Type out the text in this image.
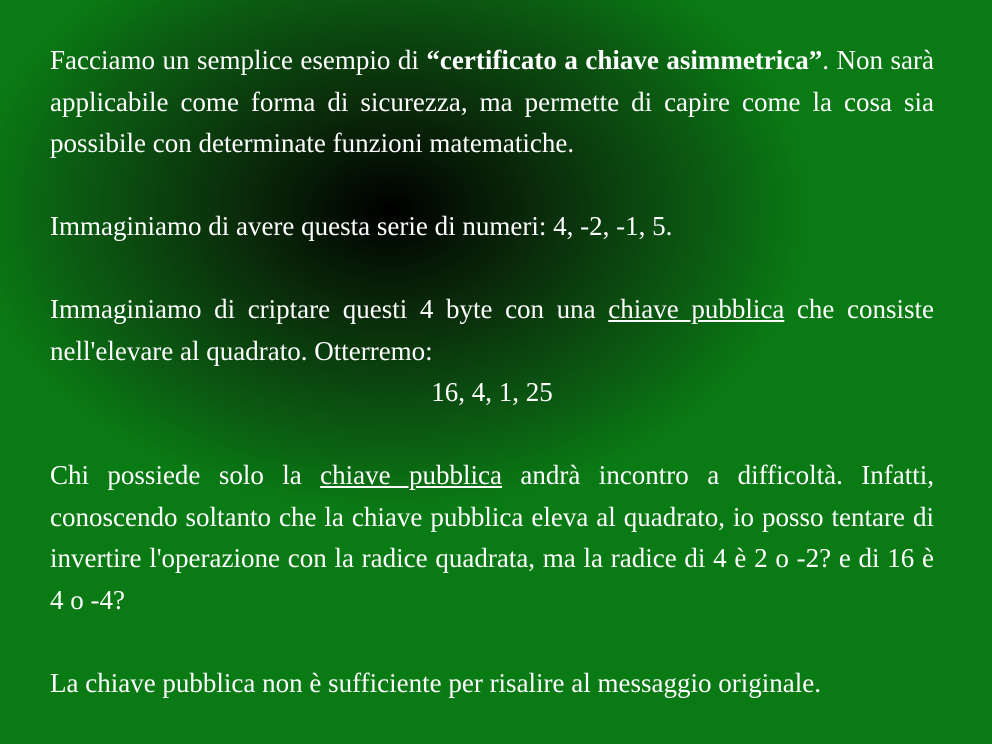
Facciamo un semplice esempio di “certificato a chiave asimmetrica”. Non sarà applicabile come forma di sicurezza, ma permette di capire come la cosa sia possibile con determinate funzioni matematiche.

Immaginiamo di avere questa serie di numeri: 4, -2, -1, 5.

Immaginiamo di criptare questi 4 byte con una chiave pubblica che consiste nell'elevare al quadrato. Otterremo:

16, 4, 1, 25

Chi possiede solo la chiave pubblica andrà incontro a difficoltà. Infatti, conoscendo soltanto che la chiave pubblica eleva al quadrato, io posso tentare di invertire l'operazione con la radice quadrata, ma la radice di 4 è 2 o -2? e di 16 è 4 o -4?

La chiave pubblica non è sufficiente per risalire al messaggio originale.
